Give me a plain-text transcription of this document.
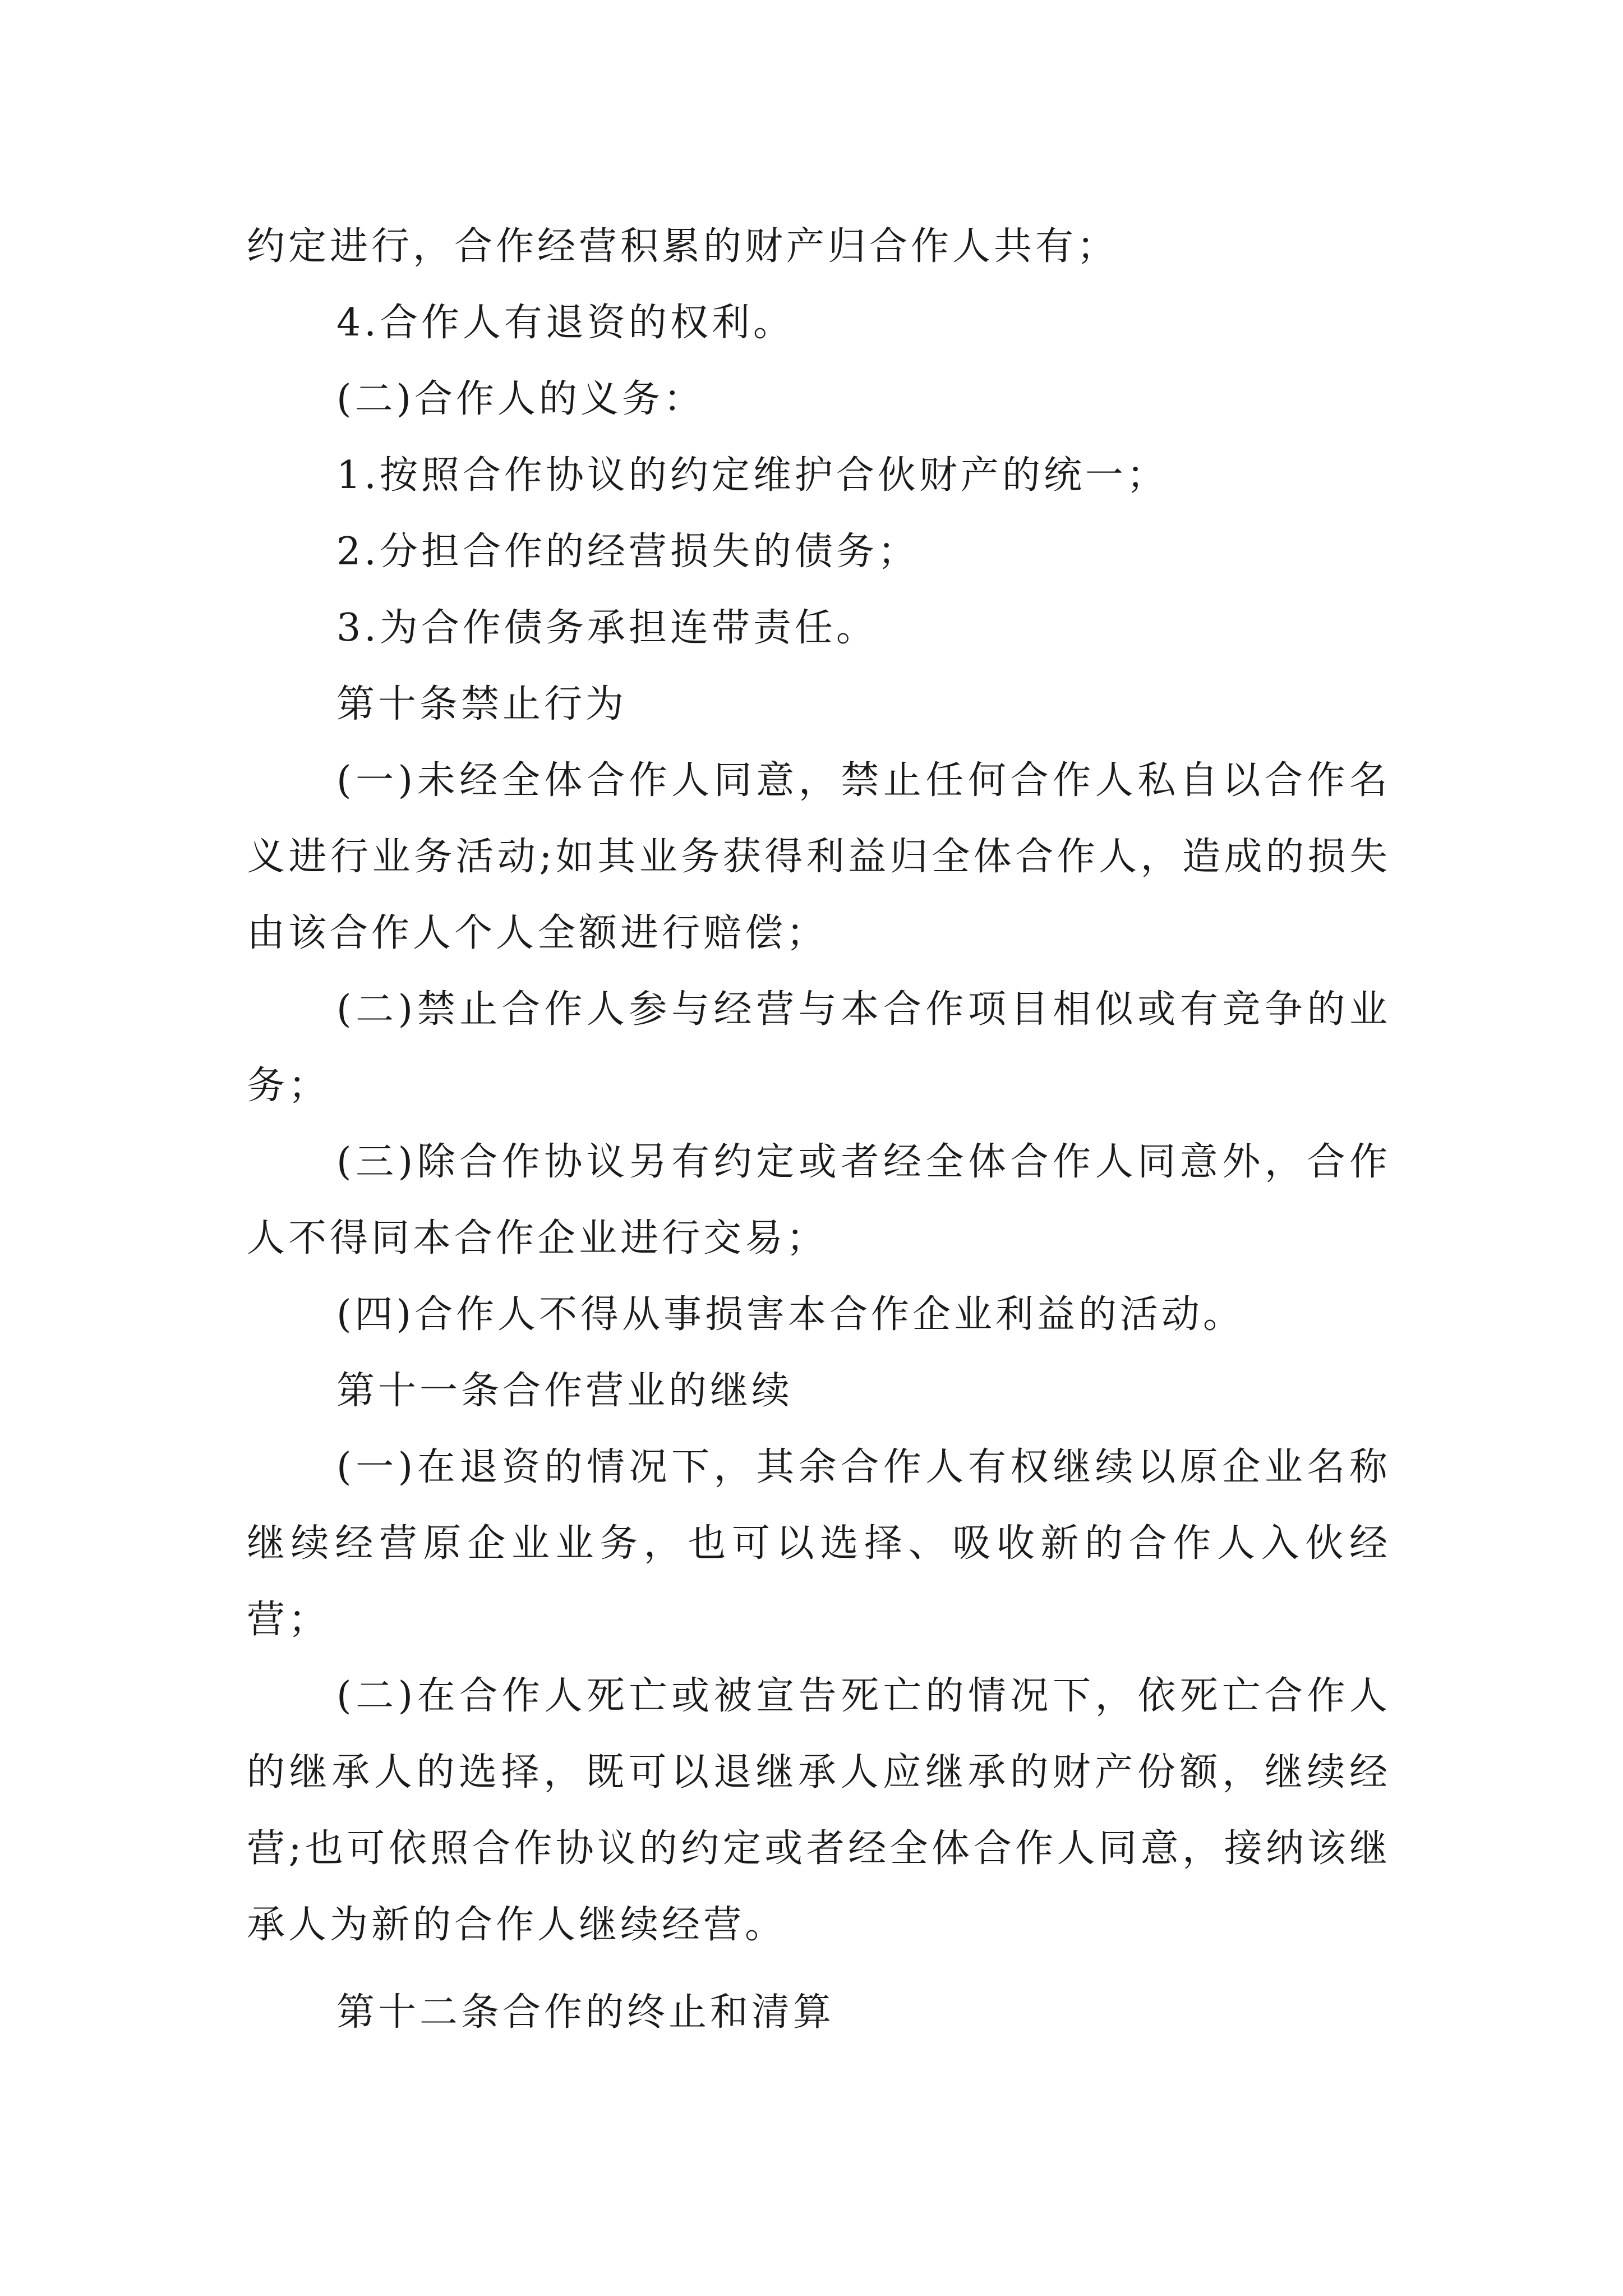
约定进行，合作经营积累的财产归合作人共有；

4.合作人有退资的权利。

(二)合作人的义务：

1.按照合作协议的约定维护合伙财产的统一；

2.分担合作的经营损失的债务；

3.为合作债务承担连带责任。

第十条禁止行为

(一)未经全体合作人同意，禁止任何合作人私自以合作名义进行业务活动;如其业务获得利益归全体合作人，造成的损失由该合作人个人全额进行赔偿；

(二)禁止合作人参与经营与本合作项目相似或有竞争的业务；

(三)除合作协议另有约定或者经全体合作人同意外，合作人不得同本合作企业进行交易；

(四)合作人不得从事损害本合作企业利益的活动。

第十一条合作营业的继续

(一)在退资的情况下，其余合作人有权继续以原企业名称继续经营原企业业务，也可以选择、吸收新的合作人入伙经营；

(二)在合作人死亡或被宣告死亡的情况下，依死亡合作人的继承人的选择，既可以退继承人应继承的财产份额，继续经营;也可依照合作协议的约定或者经全体合作人同意，接纳该继承人为新的合作人继续经营。

第十二条合作的终止和清算
